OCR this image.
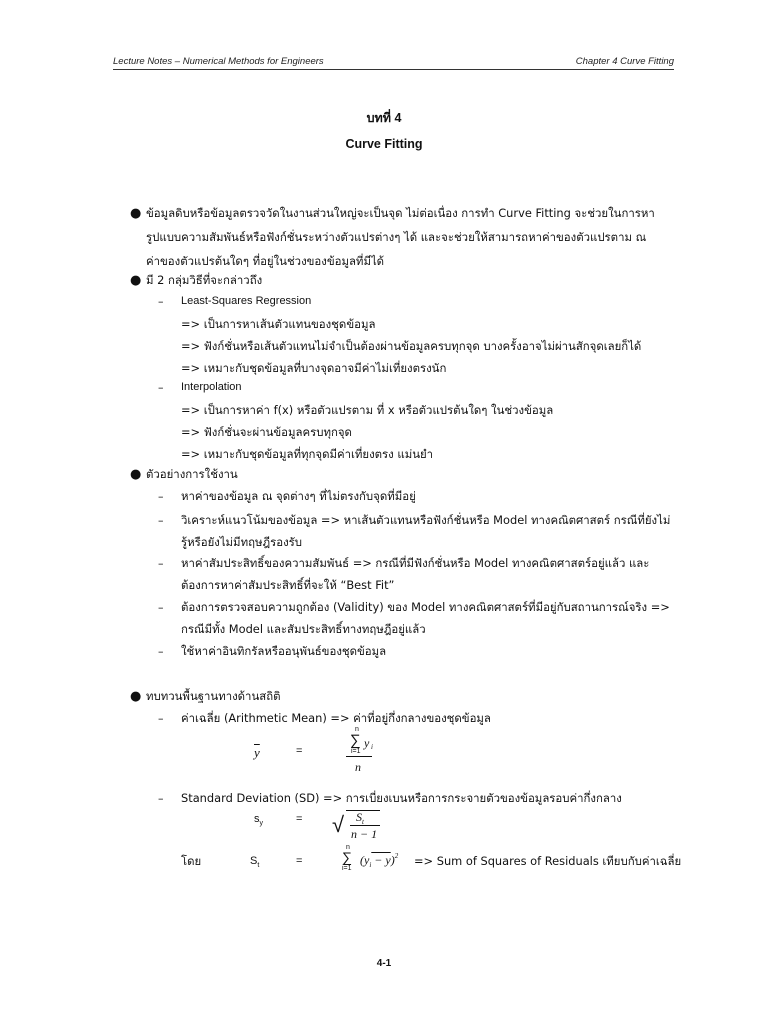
Lecture Notes – Numerical Methods for Engineers	Chapter 4 Curve Fitting
บทที่ 4
Curve Fitting
● ข้อมูลดิบหรือข้อมูลตรวจวัดในงานส่วนใหญ่จะเป็นจุด ไม่ต่อเนื่อง การทำ Curve Fitting จะช่วยในการหา
รูปแบบความสัมพันธ์หรือฟังก์ชั่นระหว่างตัวแปรต่างๆ ได้ และจะช่วยให้สามารถหาค่าของตัวแปรตาม ณ
ค่าของตัวแปรต้นใดๆ ที่อยู่ในช่วงของข้อมูลที่มีได้
● มี 2 กลุ่มวิธีที่จะกล่าวถึง
– Least-Squares Regression
=> เป็นการหาเส้นตัวแทนของชุดข้อมูล
=> ฟังก์ชั่นหรือเส้นตัวแทนไม่จำเป็นต้องผ่านข้อมูลครบทุกจุด บางครั้งอาจไม่ผ่านสักจุดเลยก็ได้
=> เหมาะกับชุดข้อมูลที่บางจุดอาจมีค่าไม่เที่ยงตรงนัก
– Interpolation
=> เป็นการหาค่า f(x) หรือตัวแปรตาม ที่ x หรือตัวแปรต้นใดๆ ในช่วงข้อมูล
=> ฟังก์ชั่นจะผ่านข้อมูลครบทุกจุด
=> เหมาะกับชุดข้อมูลที่ทุกจุดมีค่าเที่ยงตรง แม่นยำ
● ตัวอย่างการใช้งาน
– หาค่าของข้อมูล ณ จุดต่างๆ ที่ไม่ตรงกับจุดที่มีอยู่
– วิเคราะห์แนวโน้มของข้อมูล => หาเส้นตัวแทนหรือฟังก์ชั่นหรือ Model ทางคณิตศาสตร์ กรณีที่ยังไม่
รู้หรือยังไม่มีทฤษฎีรองรับ
– หาค่าสัมประสิทธิ์ของความสัมพันธ์ => กรณีที่มีฟังก์ชั่นหรือ Model ทางคณิตศาสตร์อยู่แล้ว และ
ต้องการหาค่าสัมประสิทธิ์ที่จะให้ “Best Fit”
– ต้องการตรวจสอบความถูกต้อง (Validity) ของ Model ทางคณิตศาสตร์ที่มีอยู่กับสถานการณ์จริง =>
กรณีมีทั้ง Model และสัมประสิทธิ์ทางทฤษฎีอยู่แล้ว
– ใช้หาค่าอินทิกรัลหรืออนุพันธ์ของชุดข้อมูล
● ทบทวนพื้นฐานทางด้านสถิติ
– ค่าเฉลี่ย (Arithmetic Mean) => ค่าที่อยู่กึ่งกลางของชุดข้อมูล
$\overline{y}$	=
n
∑
i=1
y i
n
– Standard Deviation (SD) => การเบี่ยงเบนหรือการกระจายตัวของข้อมูลรอบค่ากึ่งกลาง
$s_y$	= √ $S_t$
n − 1
โดย	$S_t$	=
n
∑
i=1
$(y_i - y)^2$ => Sum of Squares of Residuals เทียบกับค่าเฉลี่ย
4-1
